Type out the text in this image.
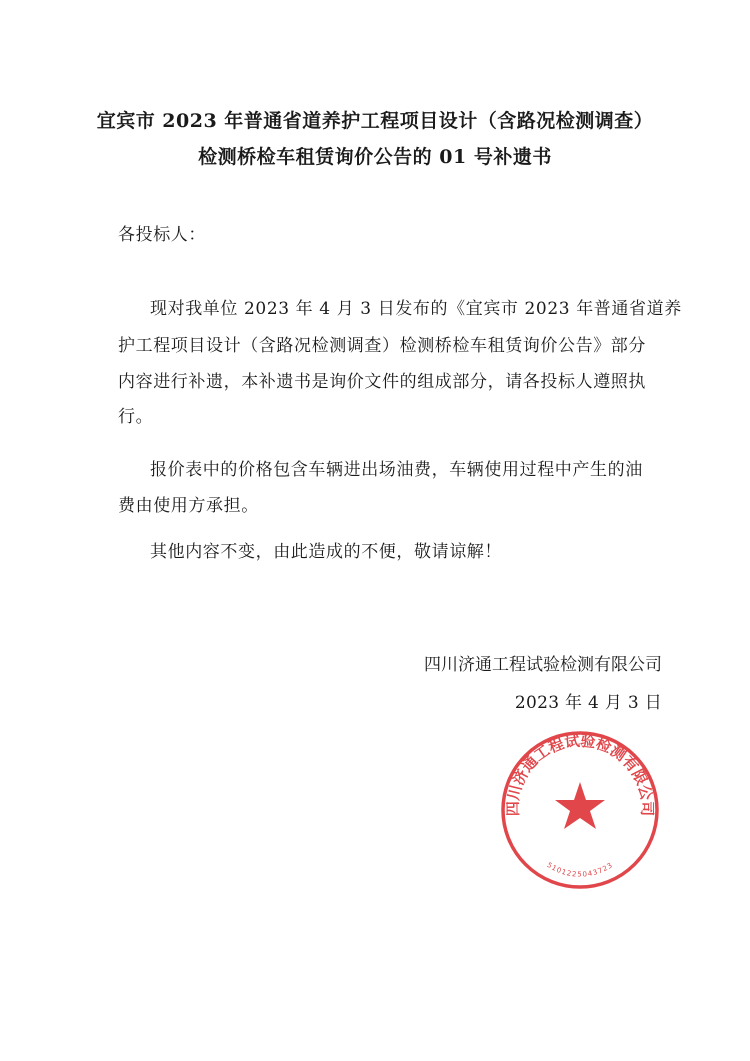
宜宾市 2023 年普通省道养护工程项目设计（含路况检测调查）
检测桥检车租赁询价公告的 01 号补遗书
各投标人：
现对我单位 2023 年 4 月 3 日发布的《宜宾市 2023 年普通省道养
护工程项目设计（含路况检测调查）检测桥检车租赁询价公告》部分
内容进行补遗，本补遗书是询价文件的组成部分，请各投标人遵照执
行。
报价表中的价格包含车辆进出场油费，车辆使用过程中产生的油
费由使用方承担。
其他内容不变，由此造成的不便，敬请谅解！
四川济通工程试验检测有限公司
2023 年 4 月 3 日
四川济通工程试验检测有限公司
5101225043723
